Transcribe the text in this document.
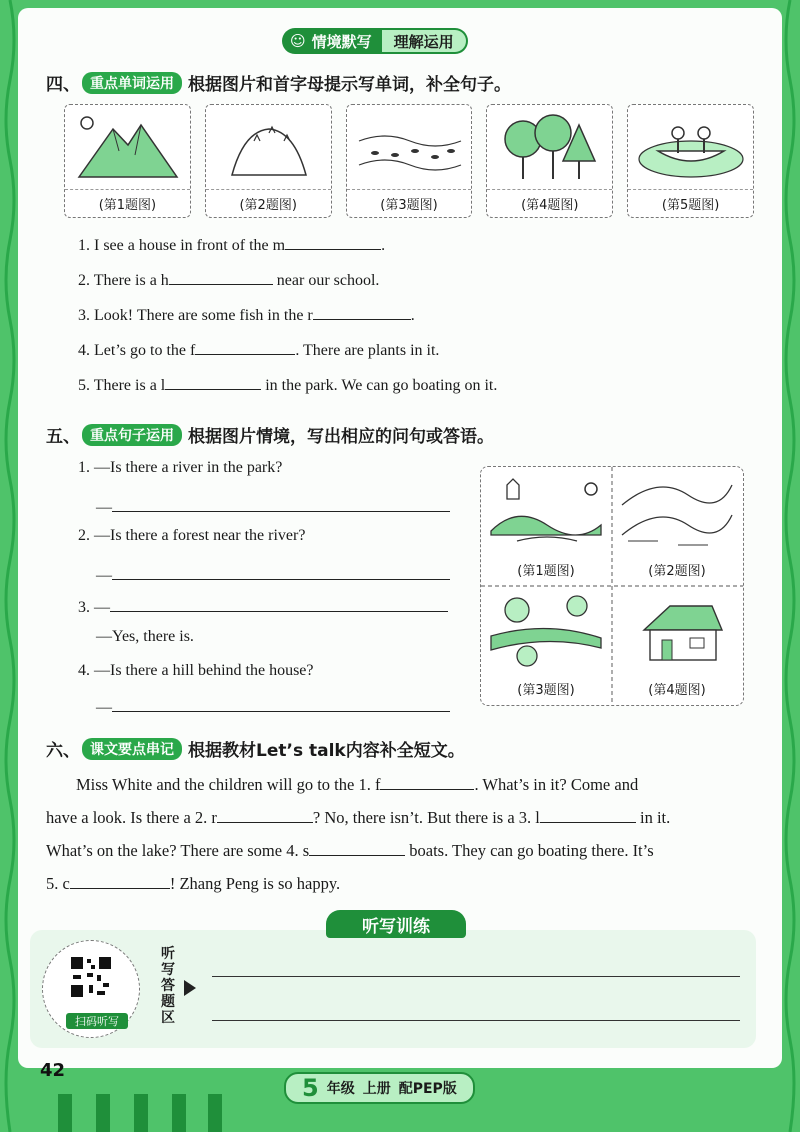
☺ 情境默写	理解运用
四、 重点单词运用 根据图片和首字母提示写单词，补全句子。
(第1题图)	(第2题图)	(第3题图)	(第4题图)	(第5题图)
1. I see a house in front of the m	.
2. There is a h	near our school.
3. Look! There are some fish in the r	.
4. Let’s go to the f	. There are plants in it.
5. There is a l	in the park. We can go boating on it.
五、 重点句子运用 根据图片情境，写出相应的问句或答语。
1. —Is there a river in the park?
—
2. —Is there a forest near the river?
—
3. —
—Yes, there is.
4. —Is there a hill behind the house?
—
(第1题图)	(第2题图)
(第3题图)	(第4题图)
六、 课文要点串记 根据教材Let’s talk内容补全短文。
Miss White and the children will go to the 1. f	. What’s in it? Come and
have a look. Is there a 2. r	? No, there isn’t. But there is a 3. l	in it.
What’s on the lake? There are some 4. s	boats. They can go boating there. It’s
5. c	! Zhang Peng is so happy.
听写训练
扫码听写
听写答题区
42
5 年级 上册 配PEP版
